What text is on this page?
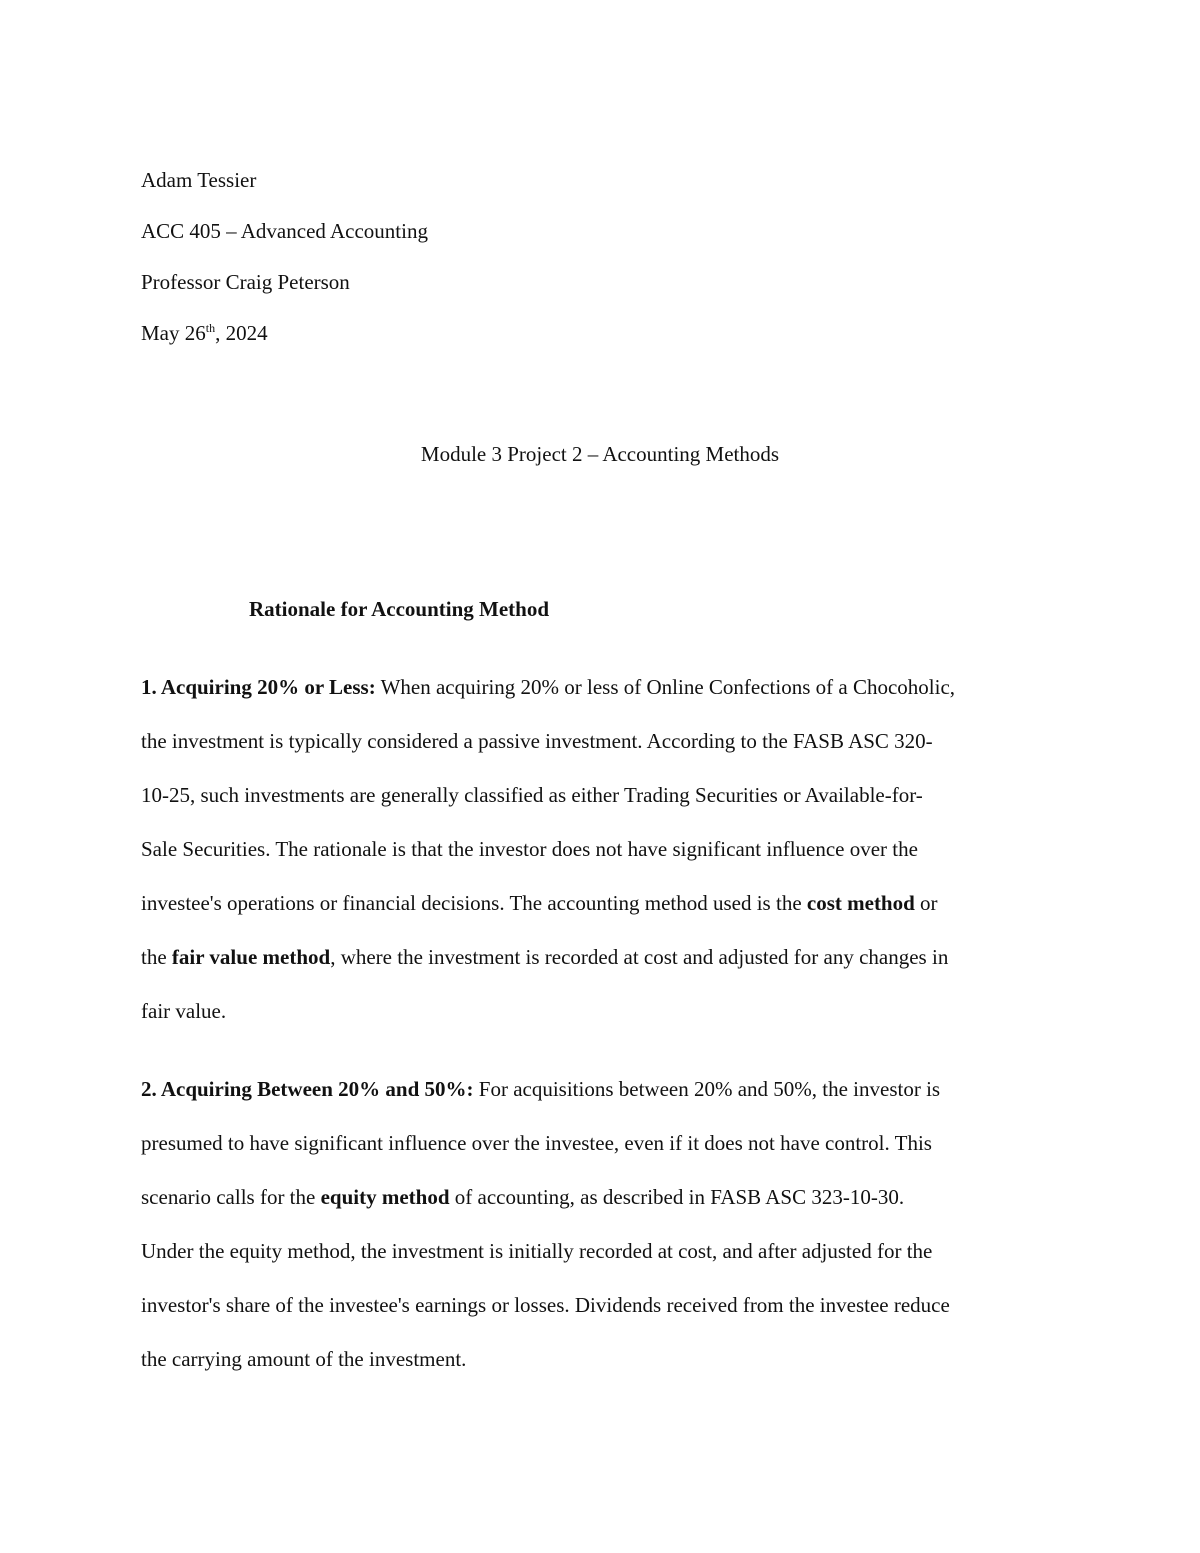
Adam Tessier
ACC 405 – Advanced Accounting
Professor Craig Peterson
May 26th, 2024
Module 3 Project 2 – Accounting Methods
Rationale for Accounting Method
1. Acquiring 20% or Less: When acquiring 20% or less of Online Confections of a Chocoholic,
the investment is typically considered a passive investment. According to the FASB ASC 320-
10-25, such investments are generally classified as either Trading Securities or Available-for-
Sale Securities. The rationale is that the investor does not have significant influence over the
investee's operations or financial decisions. The accounting method used is the cost method or
the fair value method, where the investment is recorded at cost and adjusted for any changes in
fair value.
2. Acquiring Between 20% and 50%: For acquisitions between 20% and 50%, the investor is
presumed to have significant influence over the investee, even if it does not have control. This
scenario calls for the equity method of accounting, as described in FASB ASC 323-10-30.
Under the equity method, the investment is initially recorded at cost, and after adjusted for the
investor's share of the investee's earnings or losses. Dividends received from the investee reduce
the carrying amount of the investment.
